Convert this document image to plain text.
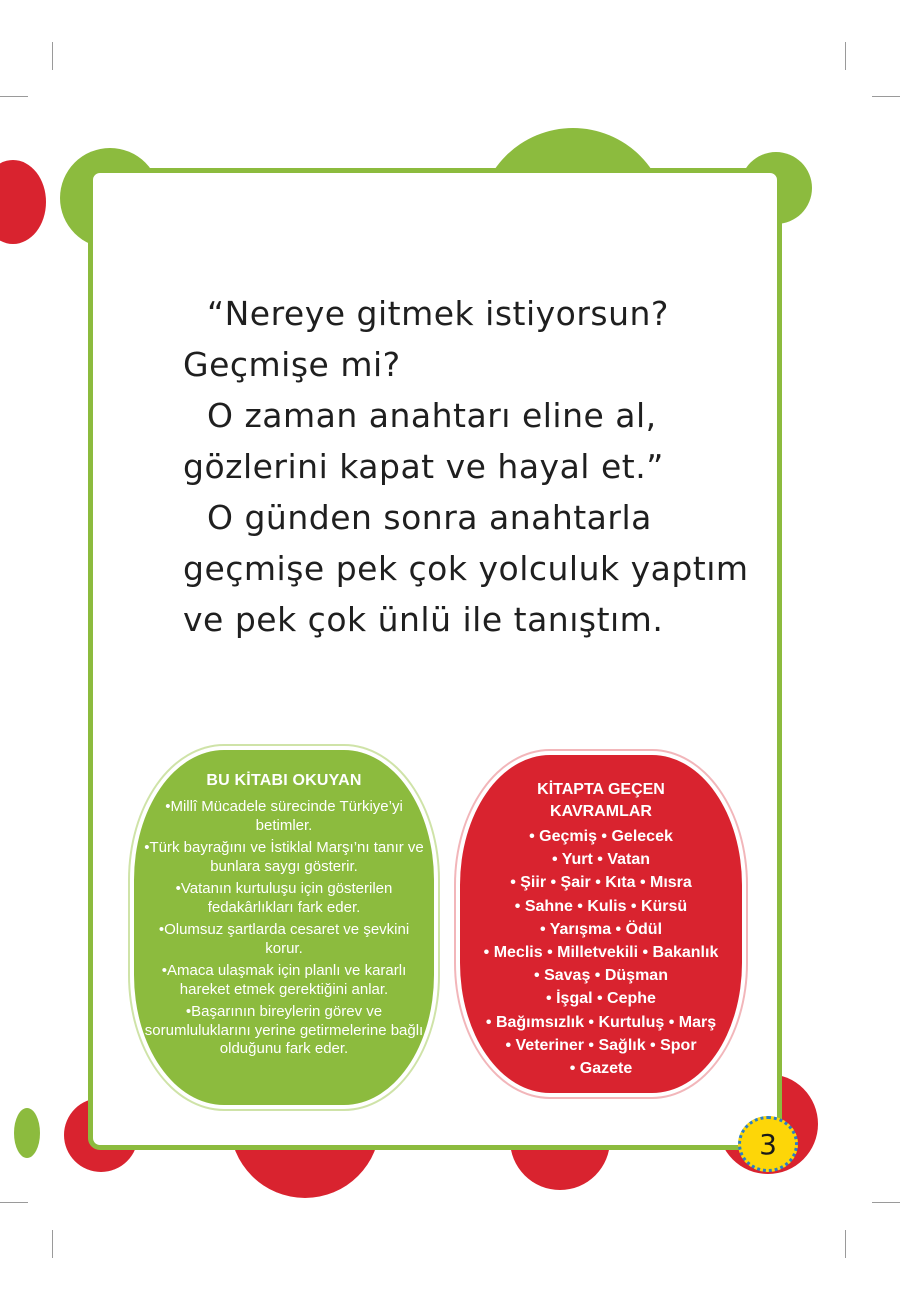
“Nereye gitmek istiyorsun?
Geçmişe mi?
O zaman anahtarı eline al,
gözlerini kapat ve hayal et.”
O günden sonra anahtarla
geçmişe pek çok yolculuk yaptım
ve pek çok ünlü ile tanıştım.
BU KİTABI OKUYAN
•Millî Mücadele sürecinde Türkiye’yi betimler.
•Türk bayrağını ve İstiklal Marşı’nı tanır ve bunlara saygı gösterir.
•Vatanın kurtuluşu için gösterilen fedakârlıkları fark eder.
•Olumsuz şartlarda cesaret ve şevkini korur.
•Amaca ulaşmak için planlı ve kararlı hareket etmek gerektiğini anlar.
•Başarının bireylerin görev ve sorumluluklarını yerine getirmelerine bağlı olduğunu fark eder.
KİTAPTA GEÇEN
KAVRAMLAR
• Geçmiş • Gelecek
• Yurt • Vatan
• Şiir • Şair • Kıta • Mısra
• Sahne • Kulis • Kürsü
• Yarışma • Ödül
• Meclis • Milletvekili • Bakanlık
• Savaş • Düşman
• İşgal • Cephe
• Bağımsızlık • Kurtuluş • Marş
• Veteriner • Sağlık • Spor
• Gazete
3
